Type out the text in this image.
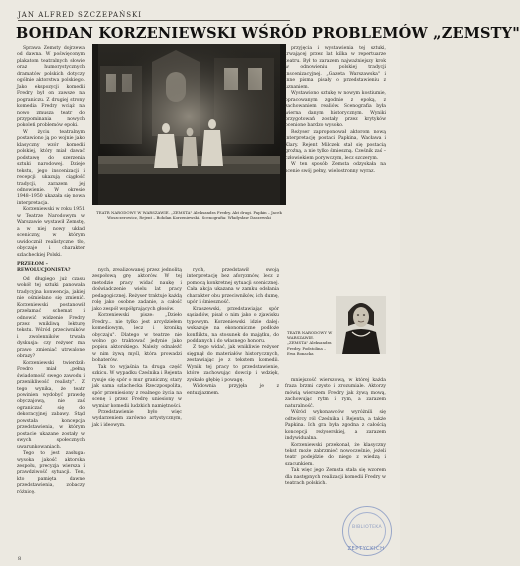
JAN ALFRED SZCZEPAŃSKI
BOHDAN KORZENIEWSKI WŚRÓD PROBLEMÓW „ZEMSTY"

Sprawa Zemsty dojrzewa od dawna. W poświęconym plakatom teatralnych słowie oraz humorystycznych dramatów polskich dotyczy ogólnie aktorstwa polskiego. Jako ekspozycji komedii Fredry był on zawsze na pograniczu. Z drugiej strony komedia Fredry wciąż na nowo zmusza teatr do przypominania nowych pokoleń problemów epoki.

W życiu teatralnym postawiono ją po wojnie jako klasyczny wzór komedii polskiej, który miał dawać podstawę do szerzenia sztuki narodowej. Dzieje tekstu, jego inscenizacji i recepcji ukazują ciągłość tradycji, zarazem jej odnowienie. W okresie 1948–1950 ukazała się nowa interpretacja.

Korzeniewski w roku 1951 w Teatrze Narodowym w Warszawie wystawił Zemstę, a w niej nowy układ sceniczny, w którym uwidocznił realistyczne tło, obyczaje i charakter szlacheckiej Polski.

PRZEŁOM – REWOLUCJONISTA?

Od długiego już czasu wokół tej sztuki panowała tradycyjna konwencja, jakiej nie ośmielano się zmienić. Korzeniewski postanowił przełamać schemat i odnowić widzenie Fredry przez wnikliwą lekturę tekstu. Wśród przeciwników i zwolenników trwała dyskusja: czy reżyser ma prawo zmieniać utrwalone obrazy?

Korzeniewski twierdził: Fredro miał „pełną świadomość swego zawodu i przenikliwość realisty". Z tego wynika, że teatr powinien wydobyć prawdę obyczajową, nie zaś ograniczać się do dekoracyjnej zabawy. Stąd powstała koncepcja przedstawienia, w którym postacie ukazane zostały w swych społecznych uwarunkowaniach.

Tego to jest zasługa: wysoka jakość aktorska zespołu, precyzja wiersza i prawdziwość sytuacji. Ten, kto pamięta dawne przedstawienia, zobaczy różnicę.

TEATR NARODOWY W WARSZAWIE. „ZEMSTA" Aleksandra Fredry. Akt drugi. Papkin – Jacek Woszczerowicz, Rejent – Bohdan Korzeniewski. Scenografia: Władysław Daszewski

nych, zrealizowanej przez jednolitą zespołową grę aktorów. W tej metodzie pracy widać naukę i doświadczenie wielu lat pracy pedagogicznej. Reżyser traktuje każdą rolę jako osobne zadanie, a całość jako zespół współgrających głosów.

Korzeniewski pisze: „Dzieło Fredry... nie tylko jest arcydziełem komediowym, lecz i kroniką obyczaju". Dlatego w teatrze nie wolno go traktować jedynie jako popisu aktorskiego. Należy odnaleźć w nim żywą myśl, która prowadzi bohaterów.

Tak to wyjaśnia ta druga część szkicu. W wypadku Cześnika i Rejenta rysuje się spór o mur graniczny, stary jak sama szlachecka Rzeczpospolita, spór przeniesiony z realnego życia na scenę i przez Fredrę uniesiony w wymiar komedii ludzkich namiętności.

Przedstawienie było więc wydarzeniem zarówno artystycznym, jak i ideowym.

rych, przedstawił swoją interpretację bez aforyzmów, lecz z pomocą konkretnej sytuacji scenicznej. Cała akcja ukazana w zamku odsłania charakter obu przeciwników, ich dumę, upór i śmieszność.

Kraszewski, przedstawiając spór sąsiadów, pisał o nim jako o zjawisku typowym. Korzeniewski idzie dalej: wskazuje na ekonomiczne podłoże konfliktu, na stosunek do majątku, do poddanych i do własnego honoru.

Z tego widać, jak wnikliwie reżyser sięgnął do materiałów historycznych, zestawiając je z tekstem komedii. Wynik tej pracy to przedstawienie, które zachowując dowcip i wdzięk, zyskało głębię i powagę.

Widownia przyjęła je z entuzjazmem.

przyjęcia i wystawienia tej sztuki, trwającej przez lat kilka w repertuarze teatru. Był to zarazem najważniejszy krok w odnowieniu polskiej tradycji inscenizacyjnej. „Gazeta Warszawska" i inne pisma pisały o przedstawieniu z uznaniem.

Wystawiono sztukę w nowym kostiumie, opracowanym zgodnie z epoką, z zachowaniem realiów. Scenografia była wierna danym historycznym. Wyniki przygotowań zostały przez krytyków ocenione bardzo wysoko.

Reżyser zaproponował aktorom nową interpretację postaci Papkina, Wacława i Klary. Rejent Milczek stał się postacią groźną, a nie tylko śmieszną. Cześnik zaś – człowiekiem porywczym, lecz szczerym.

W ten sposób Zemsta odzyskała na scenie swój pełny, wielostronny wyraz.

TEATR NARODOWY W WARSZAWIE. „ZEMSTA" Aleksandra Fredry. Podstolina – Ewa Bonacka

mniejszość wierszową, w której każda fraza brzmi czysto i zrozumiale. Aktorzy mówią wierszem Fredry jak żywą mową, zachowując rytm i rym, a zarazem naturalność.

Wśród wykonawców wyróżnili się odtwórcy ról Cześnika i Rejenta, a także Papkina. Ich gra była zgodna z całością koncepcji reżyserskiej, a zarazem indywidualna.

Korzeniewski przekonał, że klasyczny tekst może zabrzmieć nowocześnie, jeżeli teatr podejdzie do niego z wiedzą i szacunkiem.

Tak więc jego Zemsta stała się wzorem dla następnych realizacji komedii Fredry w teatrach polskich.

BIBLIOTEKA
ZEPTYCKICH
8
